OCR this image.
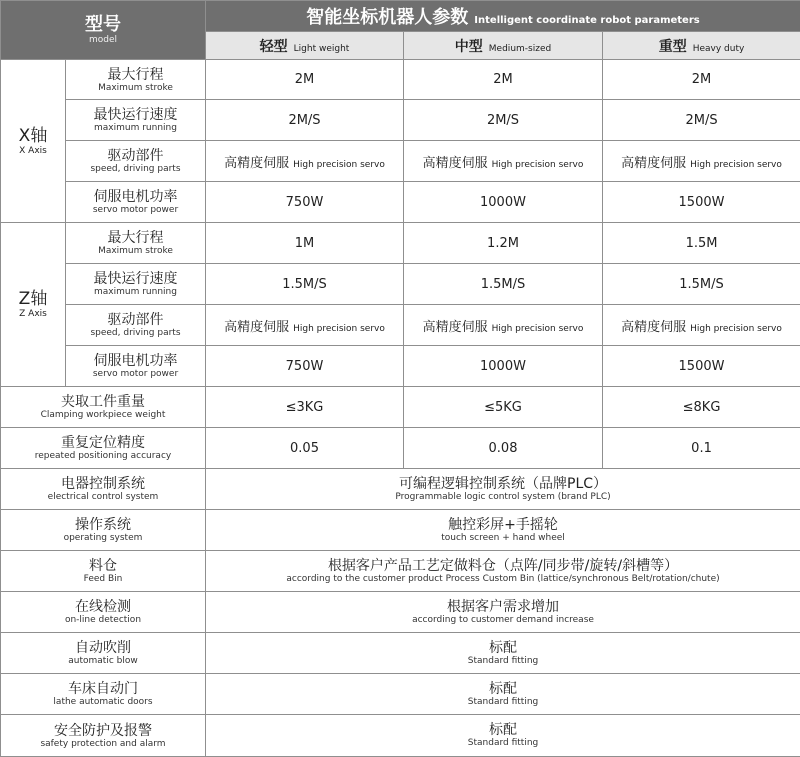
型号
model		智能坐标机器人参数 Intelligent coordinate robot parameters		
		轻型 Light weight	中型 Medium-sized	重型 Heavy duty

X轴
X Axis	最大行程
Maximum stroke	2M	2M	2M

	最快运行速度
maximum running	2M/S	2M/S	2M/S

	驱动部件
speed, driving parts	高精度伺服 High precision servo	高精度伺服 High precision servo	高精度伺服 High precision servo

	伺服电机功率
servo motor power	750W	1000W	1500W

Z轴
Z Axis	最大行程
Maximum stroke	1M	1.2M	1.5M

	最快运行速度
maximum running	1.5M/S	1.5M/S	1.5M/S

	驱动部件
speed, driving parts	高精度伺服 High precision servo	高精度伺服 High precision servo	高精度伺服 High precision servo

	伺服电机功率
servo motor power	750W	1000W	1500W

夹取工件重量
Clamping workpiece weight		≤3KG	≤5KG	≤8KG

重复定位精度
repeated positioning accuracy		0.05	0.08	0.1

电器控制系统
electrical control system		可编程逻辑控制系统（品牌PLC）
Programmable logic control system (brand PLC)		

操作系统
operating system		触控彩屏+手摇轮
touch screen + hand wheel		

料仓
Feed Bin		根据客户产品工艺定做料仓（点阵/同步带/旋转/斜槽等）
according to the customer product Process Custom Bin (lattice/synchronous Belt/rotation/chute)		

在线检测
on-line detection		根据客户需求增加
according to customer demand increase		

自动吹削
automatic blow		标配
Standard fitting		

车床自动门
lathe automatic doors		标配
Standard fitting		

安全防护及报警
safety protection and alarm		标配
Standard fitting		
